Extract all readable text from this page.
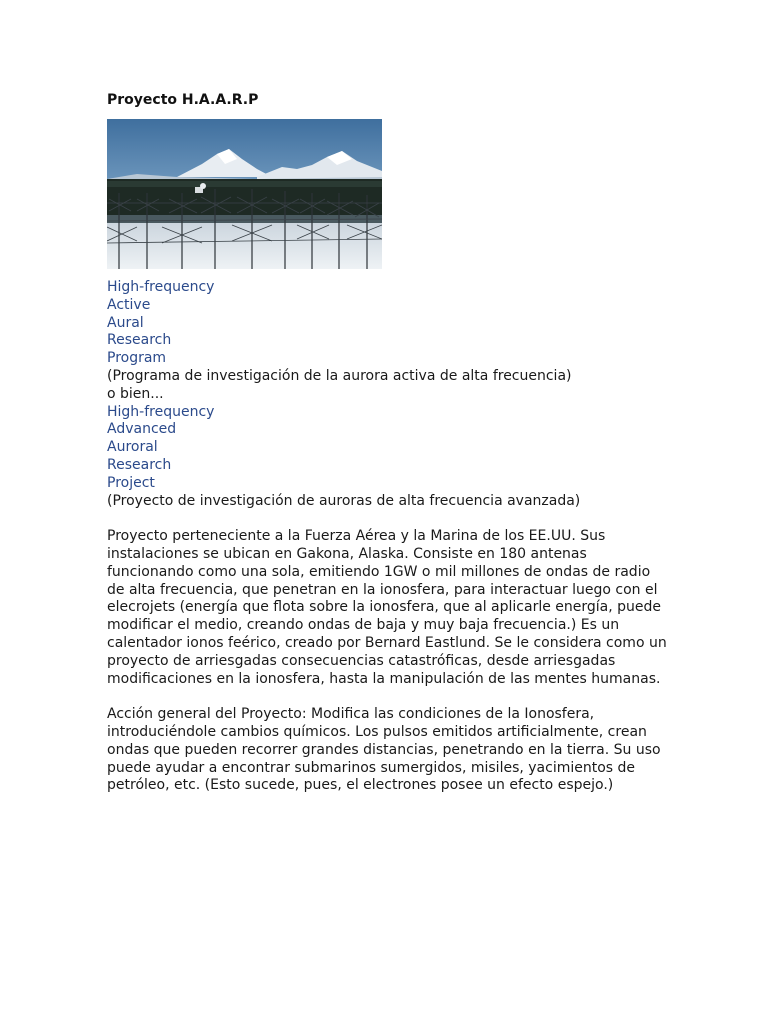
Proyecto H.A.A.R.P
High-frequency
Active
Aural
Research
Program
(Programa de investigación de la aurora activa de alta frecuencia)
o bien...
High-frequency
Advanced
Auroral
Research
Project
(Proyecto de investigación de auroras de alta frecuencia avanzada)
Proyecto perteneciente a la Fuerza Aérea y la Marina de los EE.UU. Sus
instalaciones se ubican en Gakona, Alaska. Consiste en 180 antenas
funcionando como una sola, emitiendo 1GW o mil millones de ondas de radio
de alta frecuencia, que penetran en la ionosfera, para interactuar luego con el
elecrojets (energía que flota sobre la ionosfera, que al aplicarle energía, puede
modificar el medio, creando ondas de baja y muy baja frecuencia.) Es un
calentador ionos feérico, creado por Bernard Eastlund. Se le considera como un
proyecto de arriesgadas consecuencias catastróficas, desde arriesgadas
modificaciones en la ionosfera, hasta la manipulación de las mentes humanas.
Acción general del Proyecto: Modifica las condiciones de la Ionosfera,
introduciéndole cambios químicos. Los pulsos emitidos artificialmente, crean
ondas que pueden recorrer grandes distancias, penetrando en la tierra. Su uso
puede ayudar a encontrar submarinos sumergidos, misiles, yacimientos de
petróleo, etc. (Esto sucede, pues, el electrones posee un efecto espejo.)
